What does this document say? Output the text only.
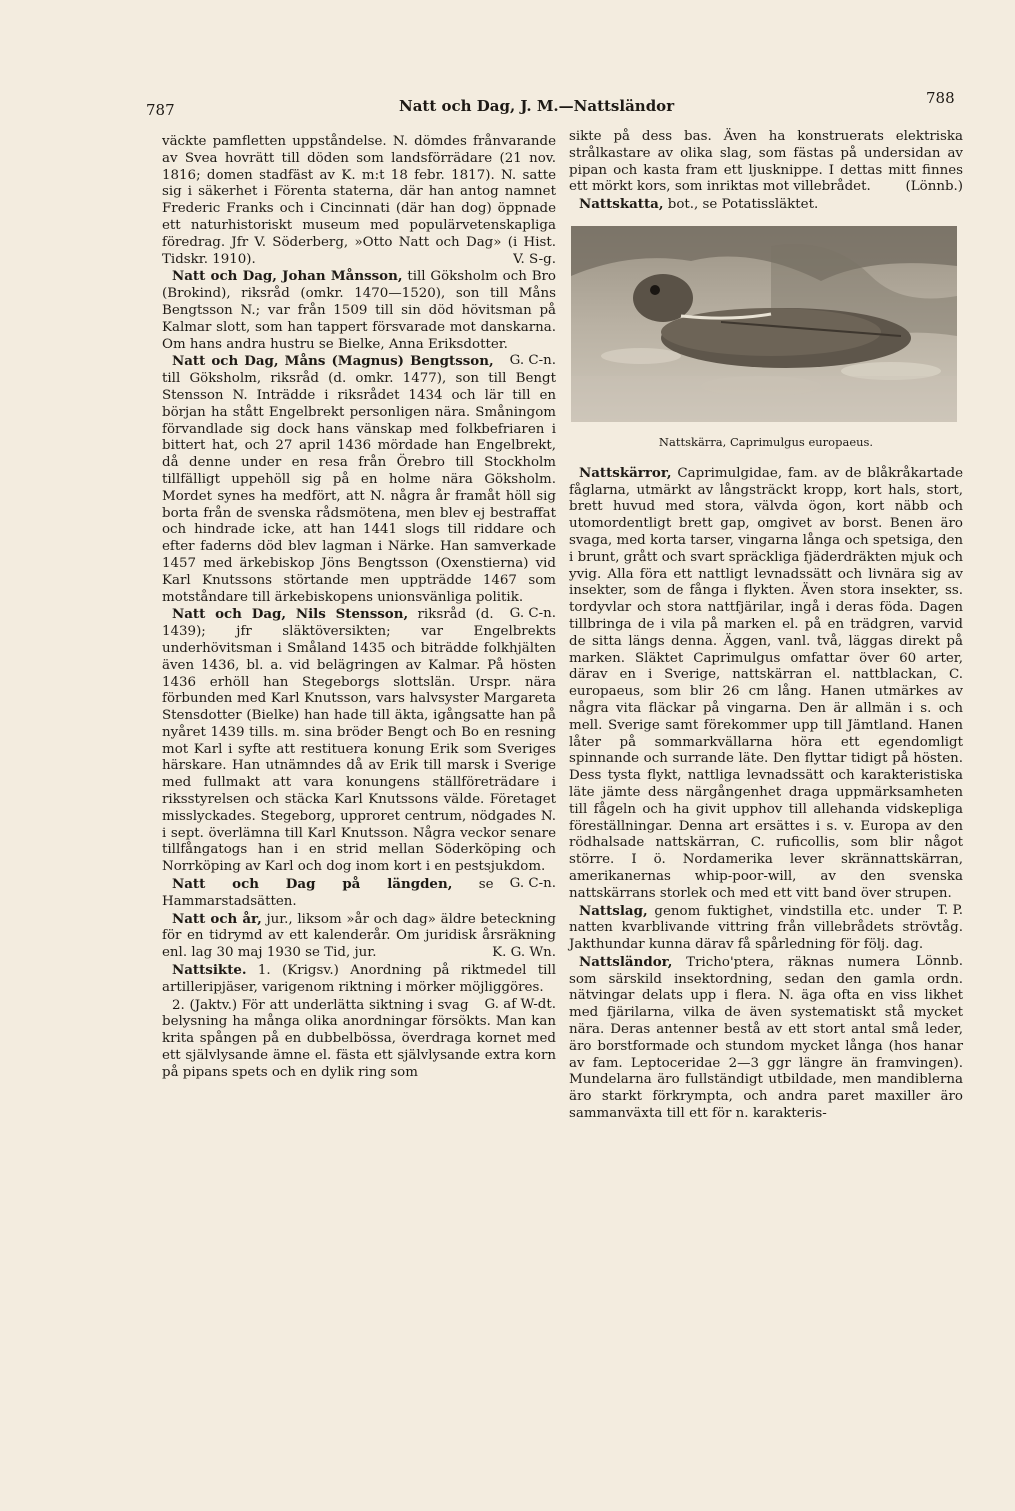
787	Natt och Dag, J. M.—Nattsländor	788

väckte pamfletten uppståndelse. N. dömdes frånvarande av Svea hovrätt till döden som landsförrädare (21 nov. 1816; domen stadfäst av K. m:t 18 febr. 1817). N. satte sig i säkerhet i Förenta staterna, där han antog namnet Frederic Franks och i Cincinnati (där han dog) öppnade ett naturhistoriskt museum med populärvetenskapliga föredrag. Jfr V. Söderberg, »Otto Natt och Dag» (i Hist. Tidskr. 1910).	V. S-g.

Natt och Dag, Johan Månsson, till Göksholm och Bro (Brokind), riksråd (omkr. 1470—1520), son till Måns Bengtsson N.; var från 1509 till sin död hövitsman på Kalmar slott, som han tappert försvarade mot danskarna. Om hans andra hustru se Bielke, Anna Eriksdotter.
G. C-n.

Natt och Dag, Måns (Magnus) Bengtsson, till Göksholm, riksråd (d. omkr. 1477), son till Bengt Stensson N. Inträdde i riksrådet 1434 och lär till en början ha stått Engelbrekt personligen nära. Småningom förvandlade sig dock hans vänskap med folkbefriaren i bittert hat, och 27 april 1436 mördade han Engelbrekt, då denne under en resa från Örebro till Stockholm tillfälligt uppehöll sig på en holme nära Göksholm. Mordet synes ha medfört, att N. några år framåt höll sig borta från de svenska rådsmötena, men blev ej bestraffat och hindrade icke, att han 1441 slogs till riddare och efter faderns död blev lagman i Närke. Han samverkade 1457 med ärkebiskop Jöns Bengtsson (Oxenstierna) vid Karl Knutssons störtande men uppträdde 1467 som motståndare till ärkebiskopens unionsvänliga politik.
G. C-n.

Natt och Dag, Nils Stensson, riksråd (d. 1439); jfr släktöversikten; var Engelbrekts underhövitsman i Småland 1435 och biträdde folkhjälten även 1436, bl. a. vid belägringen av Kalmar. På hösten 1436 erhöll han Stegeborgs slottslän. Urspr. nära förbunden med Karl Knutsson, vars halvsyster Margareta Stensdotter (Bielke) han hade till äkta, igångsatte han på nyåret 1439 tills. m. sina bröder Bengt och Bo en resning mot Karl i syfte att restituera konung Erik som Sveriges härskare. Han utnämndes då av Erik till marsk i Sverige med fullmakt att vara konungens ställföreträdare i riksstyrelsen och stäcka Karl Knutssons välde. Företaget misslyckades. Stegeborg, upproret centrum, nödgades N. i sept. överlämna till Karl Knutsson. Några veckor senare tillfångatogs han i en strid mellan Söderköping och Norrköping av Karl och dog inom kort i en pestsjukdom.
G. C-n.

Natt och Dag på längden, se Hammarstadsätten.

Natt och år, jur., liksom »år och dag» äldre beteckning för en tidrymd av ett kalenderår. Om juridisk årsräkning enl. lag 30 maj 1930 se Tid, jur.	K. G. Wn.

Nattsikte. 1. (Krigsv.) Anordning på riktmedel till artilleripjäser, varigenom riktning i mörker möjliggöres.
G. af W-dt.

2. (Jaktv.) För att underlätta siktning i svag belysning ha många olika anordningar försökts. Man kan krita spången på en dubbelbössa, överdraga kornet med ett självlysande ämne el. fästa ett självlysande extra korn på pipans spets och en dylik ring som

sikte på dess bas. Även ha konstruerats elektriska strålkastare av olika slag, som fästas på undersidan av pipan och kasta fram ett ljusknippe. I dettas mitt finnes ett mörkt kors, som inriktas mot villebrådet.	(Lönnb.)

Nattskatta, bot., se Potatissläktet.

Nattskärra, Caprimulgus europaeus.

Nattskärror, Caprimulgidae, fam. av de blåkråkartade fåglarna, utmärkt av långsträckt kropp, kort hals, stort, brett huvud med stora, välvda ögon, kort näbb och utomordentligt brett gap, omgivet av borst. Benen äro svaga, med korta tarser, vingarna långa och spetsiga, den i brunt, grått och svart spräckliga fjäderdräkten mjuk och yvig. Alla föra ett nattligt levnadssätt och livnära sig av insekter, som de fånga i flykten. Även stora insekter, ss. tordyvlar och stora nattfjärilar, ingå i deras föda. Dagen tillbringa de i vila på marken el. på en trädgren, varvid de sitta längs denna. Äggen, vanl. två, läggas direkt på marken. Släktet Caprimulgus omfattar över 60 arter, därav en i Sverige, nattskärran el. nattblackan, C. europaeus, som blir 26 cm lång. Hanen utmärkes av några vita fläckar på vingarna. Den är allmän i s. och mell. Sverige samt förekommer upp till Jämtland. Hanen låter på sommarkvällarna höra ett egendomligt spinnande och surrande läte. Den flyttar tidigt på hösten. Dess tysta flykt, nattliga levnadssätt och karakteristiska läte jämte dess närgångenhet draga uppmärksamheten till fågeln och ha givit upphov till allehanda vidskepliga föreställningar. Denna art ersättes i s. v. Europa av den rödhalsade nattskärran, C. ruficollis, som blir något större. I ö. Nordamerika lever skrännattskärran, amerikanernas whip-poor-will, av den svenska nattskärrans storlek och med ett vitt band över strupen.
T. P.

Nattslag, genom fuktighet, vindstilla etc. under natten kvarblivande vittring från villebrådets strövtåg. Jakthundar kunna därav få spårledning för följ. dag.
Lönnb.

Nattsländor, Tricho'ptera, räknas numera som särskild insektordning, sedan den gamla ordn. nätvingar delats upp i flera. N. äga ofta en viss likhet med fjärilarna, vilka de även systematiskt stå mycket nära. Deras antenner bestå av ett stort antal små leder, äro borstformade och stundom mycket långa (hos hanar av fam. Leptoceridae 2—3 ggr längre än framvingen). Mundelarna äro fullständigt utbildade, men mandiblerna äro starkt förkrympta, och andra paret maxiller äro sammanväxta till ett för n. karakteris-
